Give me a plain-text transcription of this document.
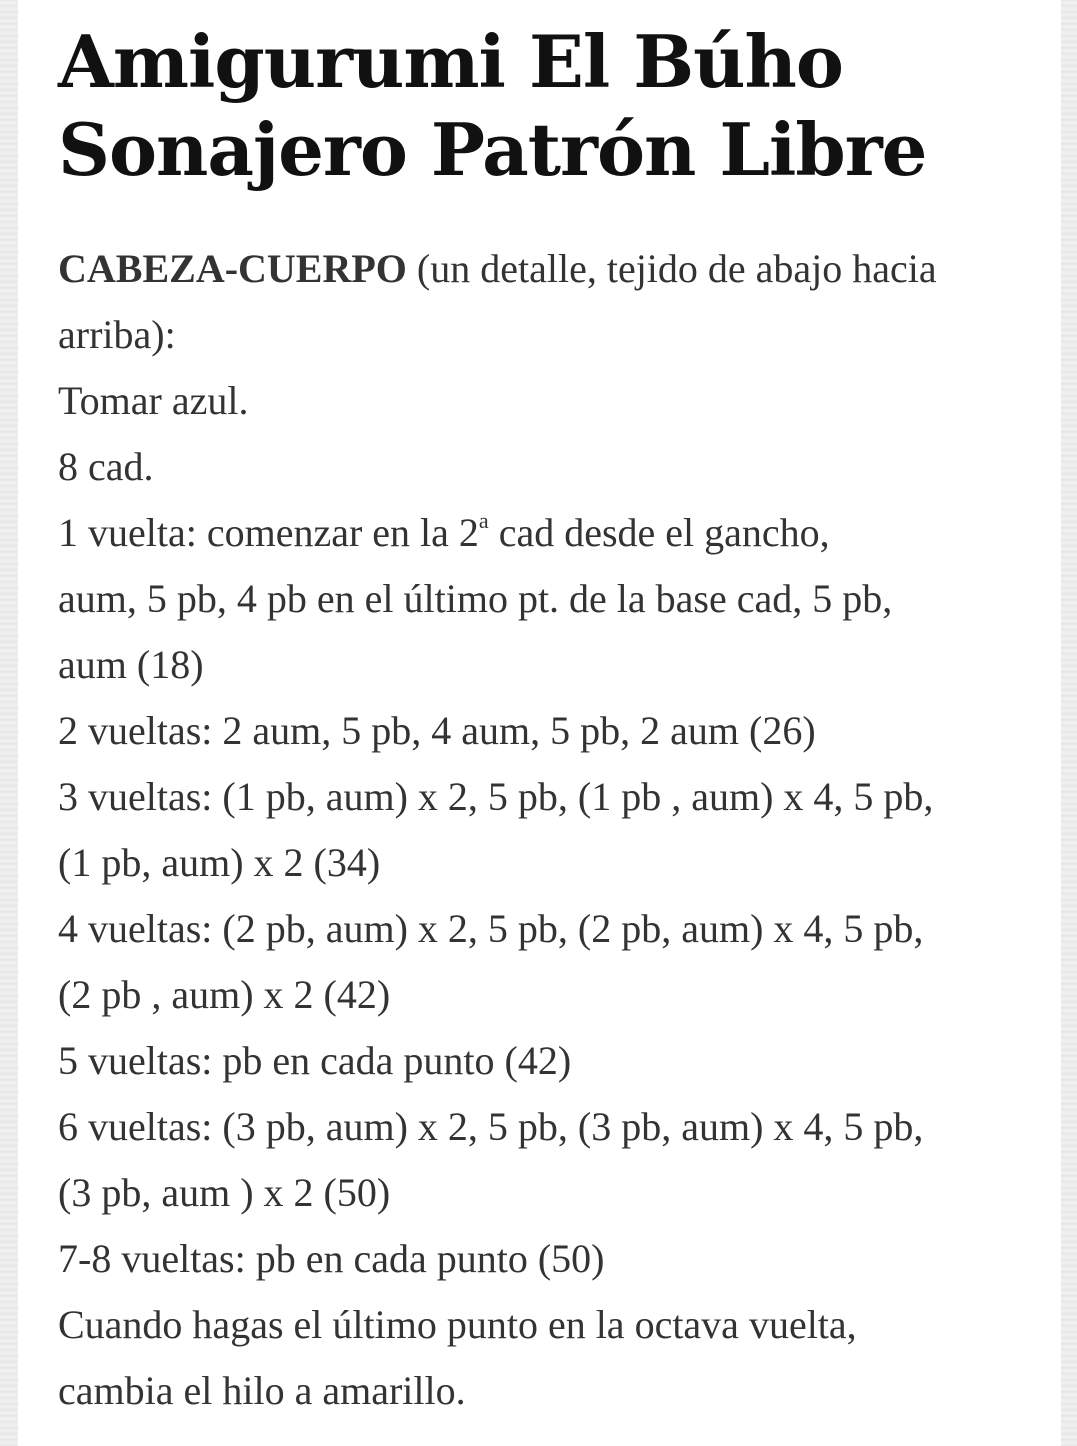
Amigurumi El Búho
Sonajero Patrón Libre

CABEZA-CUERPO (un detalle, tejido de abajo hacia

arriba):

Tomar azul.

8 cad.

1 vuelta: comenzar en la 2$^a$ cad desde el gancho,

aum, 5 pb, 4 pb en el último pt. de la base cad, 5 pb,

aum (18)

2 vueltas: 2 aum, 5 pb, 4 aum, 5 pb, 2 aum (26)

3 vueltas: (1 pb, aum) x 2, 5 pb, (1 pb , aum) x 4, 5 pb,

(1 pb, aum) x 2 (34)

4 vueltas: (2 pb, aum) x 2, 5 pb, (2 pb, aum) x 4, 5 pb,

(2 pb , aum) x 2 (42)

5 vueltas: pb en cada punto (42)

6 vueltas: (3 pb, aum) x 2, 5 pb, (3 pb, aum) x 4, 5 pb,

(3 pb, aum ) x 2 (50)

7-8 vueltas: pb en cada punto (50)

Cuando hagas el último punto en la octava vuelta,

cambia el hilo a amarillo.
